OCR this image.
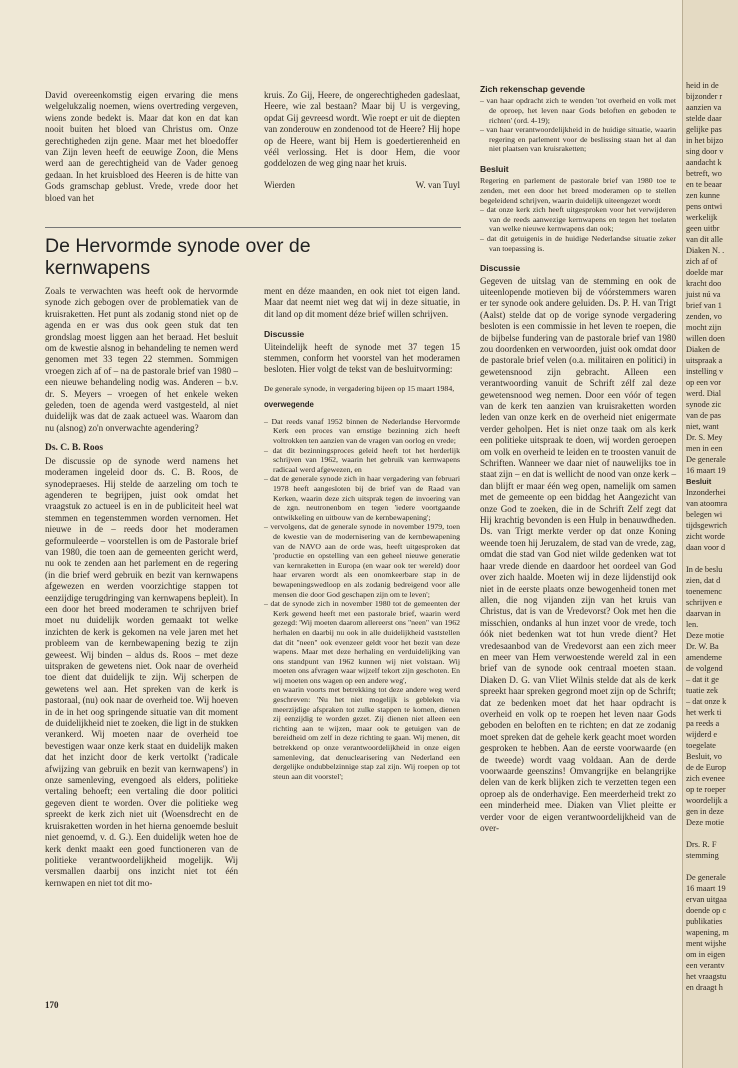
David overeenkomstig eigen ervaring die mens welgelukzalig noemen, wiens overtreding vergeven, wiens zonde bedekt is. Maar dat kon en dat kan nooit buiten het bloed van Christus om. Onze gerechtigheden zijn gene. Maar met het bloedoffer van Zijn leven heeft de eeuwige Zoon, die Mens werd aan de gerechtigheid van de Vader genoeg gedaan. In het kruisbloed des Heeren is de hitte van Gods gramschap geblust. Vrede, vrede door het bloed van het

kruis. Zo Gij, Heere, de ongerechtigheden gadeslaat, Heere, wie zal bestaan? Maar bij U is vergeving, opdat Gij gevreesd wordt. Wie roept er uit de diepten van zonderouw en zondenood tot de Heere? Hij hope op de Heere, want bij Hem is goedertierenheid en véél verlossing. Het is door Hem, die voor goddelozen de weg ging naar het kruis.

Wierden	W. van Tuyl
De Hervormde synode over de kernwapens

Zoals te verwachten was heeft ook de hervormde synode zich gebogen over de problematiek van de kruisraketten. Het punt als zodanig stond niet op de agenda en er was dus ook geen stuk dat ten grondslag moest liggen aan het beraad. Het besluit om de kwestie alsnog in behandeling te nemen werd genomen met 33 tegen 22 stemmen. Sommigen vroegen zich af of – na de pastorale brief van 1980 – een nieuwe behandeling nodig was. Anderen – b.v. dr. S. Meyers – vroegen of het enkele weken geleden, toen de agenda werd vastgesteld, al niet duidelijk was dat de zaak actueel was. Waarom dan nu (alsnog) zo'n onverwachte agendering?

Ds. C. B. Roos

De discussie op de synode werd namens het moderamen ingeleid door ds. C. B. Roos, de synodepraeses. Hij stelde de aarzeling om toch te agenderen te begrijpen, juist ook omdat het vraagstuk zo actueel is en in de publiciteit heel wat stemmen en tegenstemmen worden vernomen. Het nieuwe in de – reeds door het moderamen geformuleerde – voorstellen is om de Pastorale brief van 1980, die toen aan de gemeenten gericht werd, nu ook te zenden aan het parlement en de regering (in die brief werd gebruik en bezit van kernwapens afgewezen en werden voorzichtige stappen tot eenzijdige terugdringing van kernwapens bepleit). In een door het breed moderamen te schrijven brief moet nu duidelijk worden gemaakt tot welke inzichten de kerk is gekomen na vele jaren met het probleem van de kernbewapening bezig te zijn geweest. Wij binden – aldus ds. Roos – met deze uitspraken de gewetens niet. Ook naar de overheid toe dient dat duidelijk te zijn. Wij scherpen de gewetens wel aan. Het spreken van de kerk is pastoraal, (nu) ook naar de overheid toe. Wij hoeven in de in het oog springende situatie van dit moment de duidelijkheid niet te zoeken, die ligt in de stukken verankerd. Wij moeten naar de overheid toe bevestigen waar onze kerk staat en duidelijk maken dat het inzicht door de kerk vertolkt ('radicale afwijzing van gebruik en bezit van kernwapens') in onze samenleving, evengoed als elders, politieke vertaling behoeft; een vertaling die door politici gegeven dient te worden. Over die politieke weg spreekt de kerk zich niet uit (Woensdrecht en de kruisraketten worden in het hierna genoemde besluit niet genoemd, v. d. G.). Een duidelijk weten hoe de kerk denkt maakt een goed functioneren van de politieke verantwoordelijkheid mogelijk. Wij versmallen daarbij ons inzicht niet tot één kernwapen en niet tot dit mo-

ment en déze maanden, en ook niet tot eigen land. Maar dat neemt niet weg dat wij in deze situatie, in dit land op dit moment déze brief willen schrijven.

Discussie

Uiteindelijk heeft de synode met 37 tegen 15 stemmen, conform het voorstel van het moderamen besloten. Hier volgt de tekst van de besluitvorming:

De generale synode, in vergadering bijeen op 15 maart 1984,

overwegende

– Dat reeds vanaf 1952 binnen de Nederlandse Hervormde Kerk een proces van ernstige bezinning zich heeft voltrokken ten aanzien van de vragen van oorlog en vrede;

– dat dit bezinningsproces geleid heeft tot het herderlijk schrijven van 1962, waarin het gebruik van kernwapens radicaal werd afgewezen, en

– dat de generale synode zich in haar vergadering van februari 1978 heeft aangesloten bij de brief van de Raad van Kerken, waarin deze zich uitsprak tegen de invoering van de zgn. neutronenbom en tegen 'iedere voortgaande ontwikkeling en uitbouw van de kernbewapening';

– vervolgens, dat de generale synode in november 1979, toen de kwestie van de modernisering van de kernbewapening van de NAVO aan de orde was, heeft uitgesproken dat 'productie en opstelling van een geheel nieuwe generatie van kernraketten in Europa (en waar ook ter wereld) door haar ervaren wordt als een onomkeerbare stap in de bewapeningswedloop en als zodanig bedreigend voor alle mensen die door God geschapen zijn om te leven';

– dat de synode zich in november 1980 tot de gemeenten der Kerk gewend heeft met een pastorale brief, waarin werd gezegd: 'Wij moeten daarom allereerst ons "neen" van 1962 herhalen en daarbij nu ook in alle duidelijkheid vaststellen dat dit "neen" ook evenzeer geldt voor het bezit van deze wapens. Maar met deze herhaling en verduidelijking van ons standpunt van 1962 kunnen wij niet volstaan. Wij moeten ons afvragen waar wijzelf tekort zijn geschoten. En wij moeten ons wagen op een andere weg',

en waarin voorts met betrekking tot deze andere weg werd geschreven: 'Nu het niet mogelijk is gebleken via meerzijdige afspraken tot zulke stappen te komen, dienen zij eenzijdig te worden gezet. Zij dienen niet alleen een richting aan te wijzen, maar ook te getuigen van de bereidheid om zelf in deze richting te gaan. Wij menen, dit betrekkend op onze verantwoordelijkheid in onze eigen samenleving, dat denuclearisering van Nederland een dergelijke ondubbelzinnige stap zal zijn. Wij roepen op tot steun aan dit voorstel';

Zich rekenschap gevende

– van haar opdracht zich te wenden 'tot overheid en volk met de oproep, het leven naar Gods beloften en geboden te richten' (ord. 4-19);

– van haar verantwoordelijkheid in de huidige situatie, waarin regering en parlement voor de beslissing staan het al dan niet plaatsen van kruisraketten;

Besluit

Regering en parlement de pastorale brief van 1980 toe te zenden, met een door het breed moderamen op te stellen begeleidend schrijven, waarin duidelijk uiteengezet wordt

– dat onze kerk zich heeft uitgesproken voor het verwijderen van de reeds aanwezige kernwapens en tegen het toelaten van welke nieuwe kernwapens dan ook;

– dat dit getuigenis in de huidige Nederlandse situatie zeker van toepassing is.

Discussie

Gegeven de uitslag van de stemming en ook de uiteenlopende motieven bij de vóórstemmers waren er ter synode ook andere geluiden. Ds. P. H. van Trigt (Aalst) stelde dat op de vorige synode vergadering besloten is een commissie in het leven te roepen, die de bijbelse fundering van de pastorale brief van 1980 zou doordenken en verwoorden, juist ook omdat door de pastorale brief velen (o.a. militairen en politici) in gewetensnood zijn gebracht. Alleen een verantwoording vanuit de Schrift zélf zal deze gewetensnood weg nemen. Door een vóór of tegen van de kerk ten aanzien van kruisraketten worden leden van onze kerk en de overheid niet enigermate verder geholpen. Het is niet onze taak om als kerk een politieke uitspraak te doen, wij worden geroepen om volk en overheid te leiden en te troosten vanuit de Schriften. Wanneer we daar niet of nauwelijks toe in staat zijn – en dat is wellicht de nood van onze kerk – dan blijft er maar één weg open, namelijk om samen met de gemeente op een biddag het Aangezicht van onze God te zoeken, die in de Schrift Zelf zegt dat Hij krachtig bevonden is een Hulp in benauwdheden. Ds. van Trigt merkte verder op dat onze Koning weende toen hij Jeruzalem, de stad van de vrede, zag, omdat die stad van God niet wilde gedenken wat tot haar vrede diende en daardoor het oordeel van God over zich haalde. Moeten wij in deze lijdenstijd ook niet in de eerste plaats onze bewogenheid tonen met allen, die nog vijanden zijn van het kruis van Christus, dat is van de Vredevorst? Ook met hen die misschien, ondanks al hun inzet voor de vrede, toch óók niet bedenken wat tot hun vrede dient? Het vredesaanbod van de Vredevorst aan een zich meer en meer van Hem verwoestende wereld zal in een brief van de synode ook centraal moeten staan. Diaken D. G. van Vliet Wilnis stelde dat als de kerk spreekt haar spreken gegrond moet zijn op de Schrift; dat ze bedenken moet dat het haar opdracht is overheid en volk op te roepen het leven naar Gods geboden en beloften en te richten; en dat ze zodanig moet spreken dat de gehele kerk geacht moet worden gesproken te hebben. Aan de eerste voorwaarde (en de tweede) wordt vaag voldaan. Aan de derde voorwaarde geenszins! Omvangrijke en belangrijke delen van de kerk blijken zich te verzetten tegen een oproep als de onderhavige. Een meerderheid trekt zo een minderheid mee. Diaken van Vliet pleitte er verder voor de eigen verantwoordelijkheid van de over-

170
heid in de
bijzonder r
aanzien va
stelde daar
gelijke pas
in het bijzo
sing door v
aandacht k
betreft, wo
en te beaar
zen kunne
pens ontwi
werkelijk
geen uitbr
van dit alle
Diaken N. .
zich af of
doelde mar
kracht doo
juist nú va
brief van 1
zenden, vo
mocht zijn
willen doen
Diaken de
uitspraak a
instelling v
op een vor
werd. Dial
synode zic
van de pas
niet, want
Dr. S. Mey
men in een
De generale
16 maart 19
Besluit
Inzonderhei
van atoomra
belegen wi
tijdsgewrich
zicht worde
daan voor d
In de beslu
zien, dat d
toenemenc
schrijven e
daarvan in
len.
Deze motie
Dr. W. Ba
amendeme
de volgend
– dat it ge
tuatie zek
– dat onze k
het werk ti
pa reeds a
wijderd e
toegelate
Besluit, vo
de de Europ
zich evenee
op te roeper
woordelijk a
gen in deze
Deze motie
Drs. R. F
stemming
De generale
16 maart 19
ervan uitgaa
doende op c
publikaties
wapening, m
ment wijshe
om in eigen
een verantv
het vraagstu
en draagt h
